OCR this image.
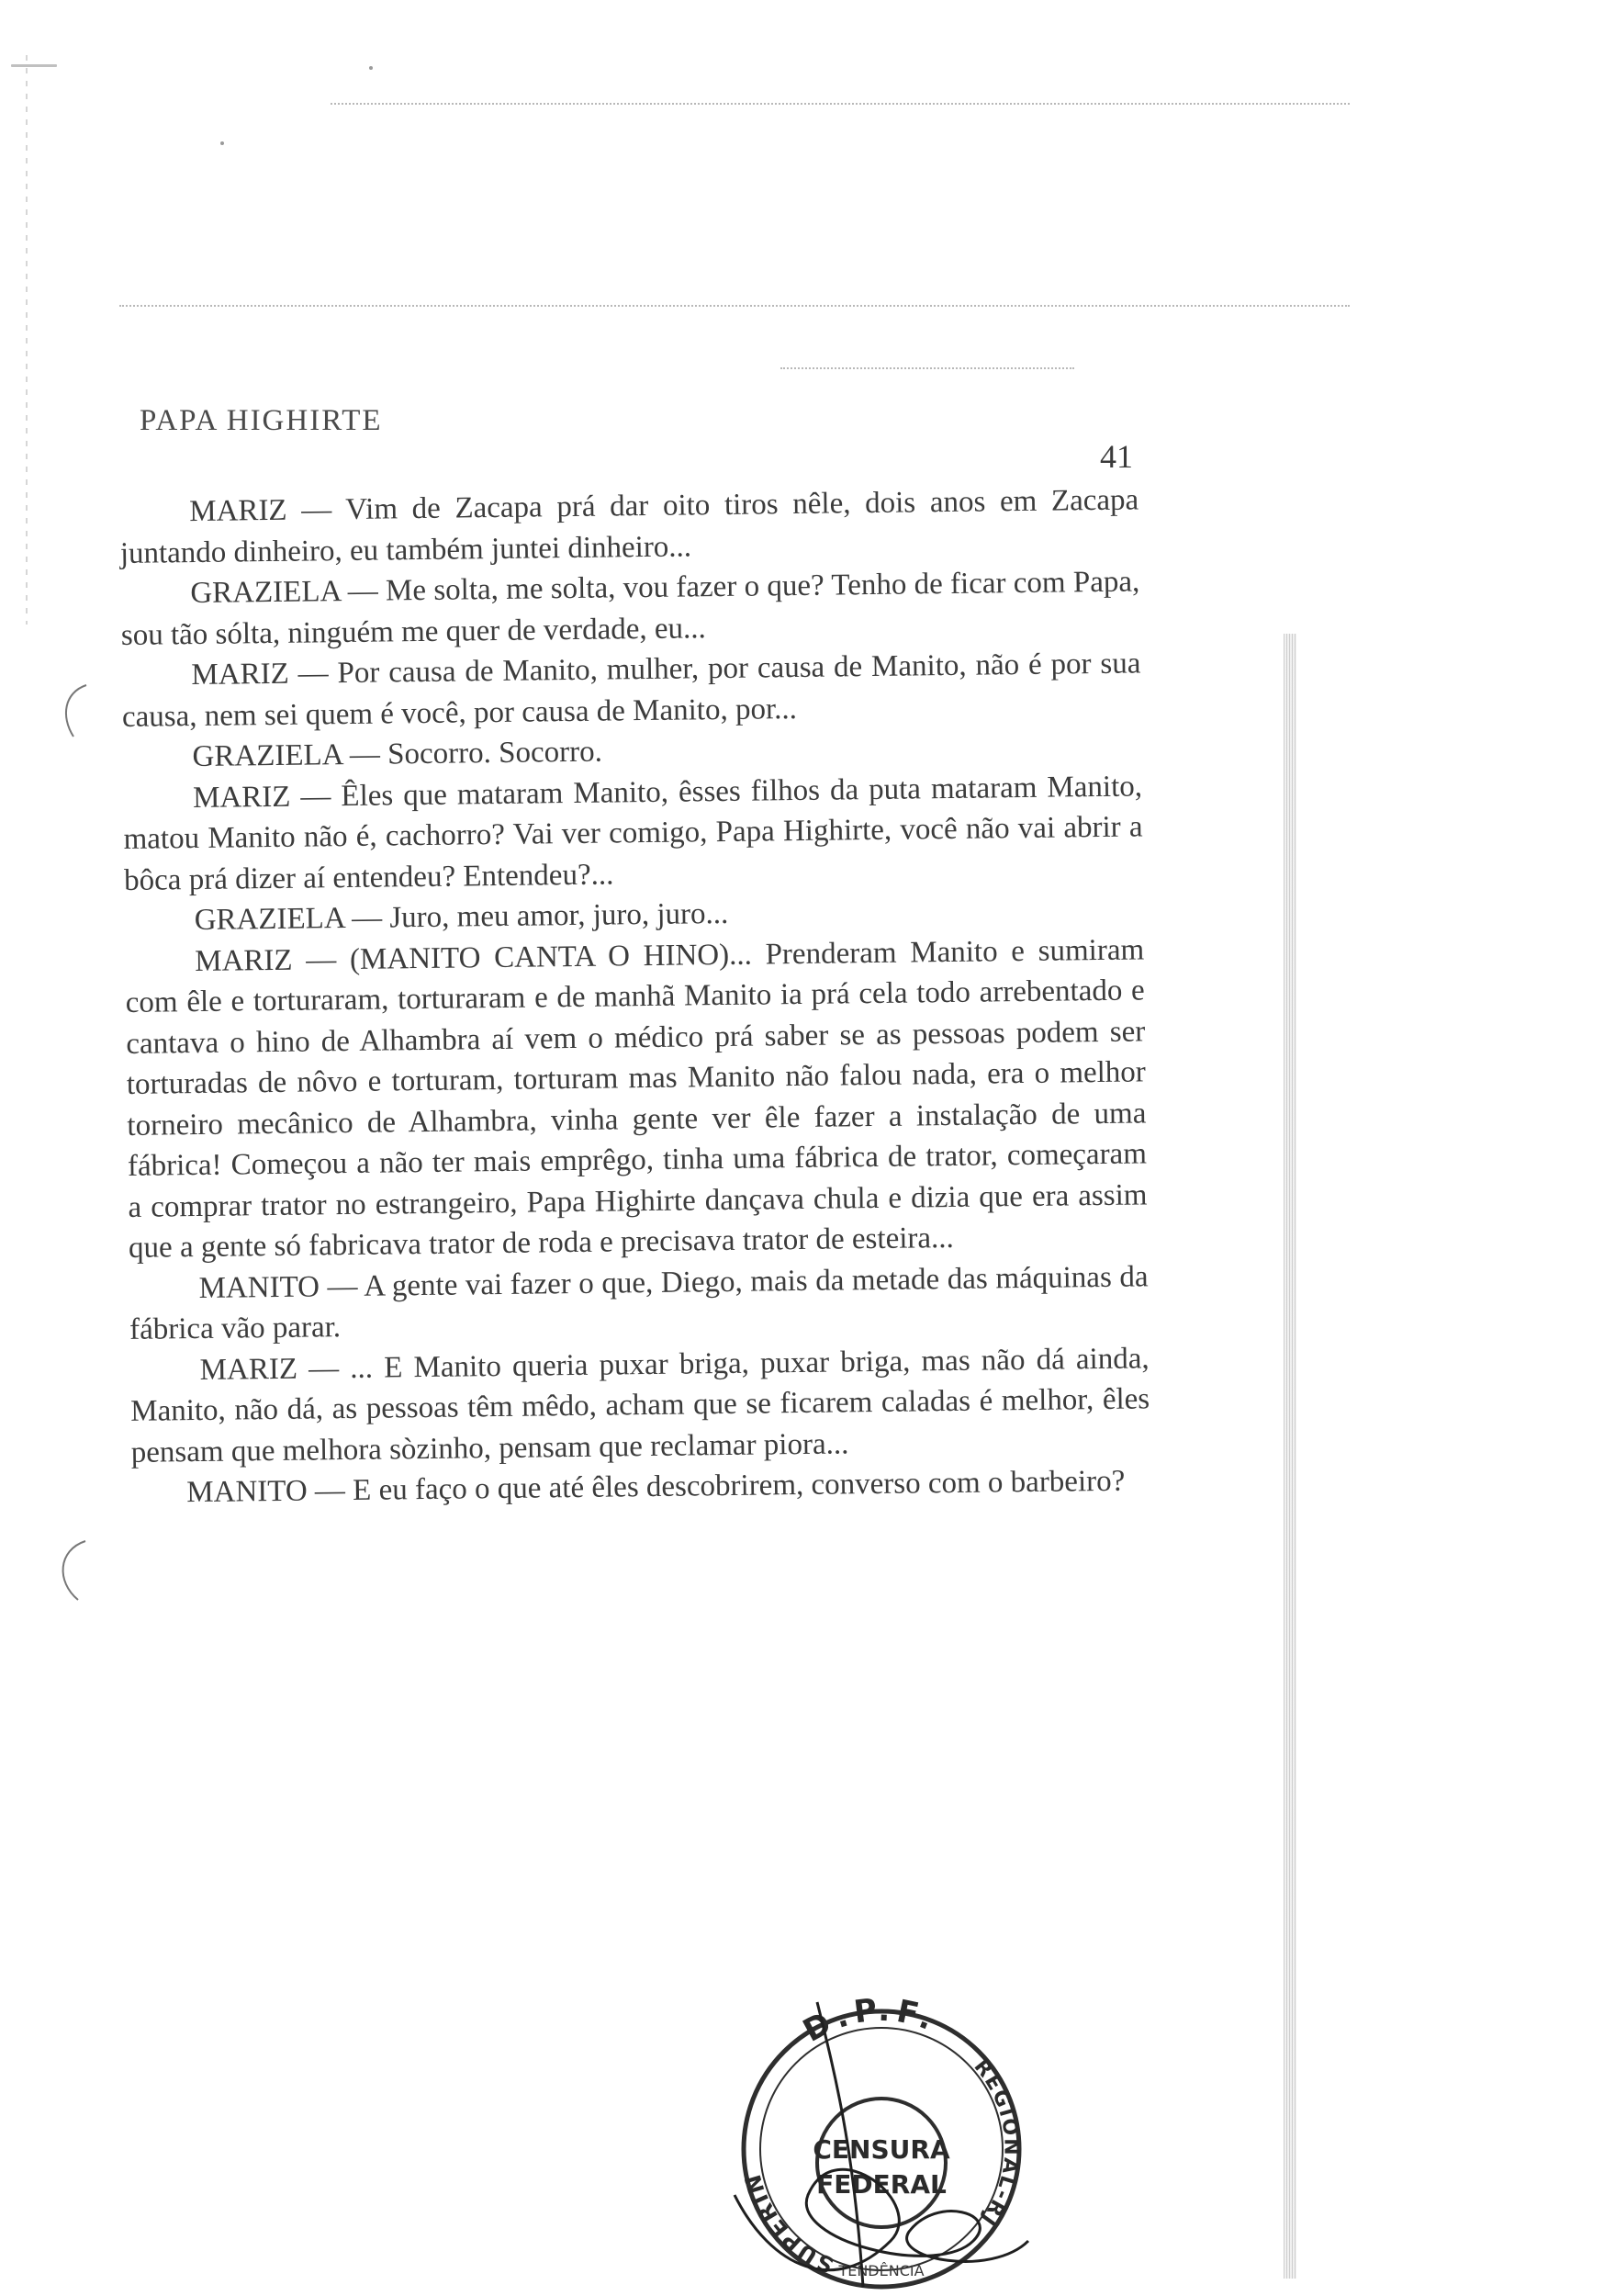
PAPA HIGHIRTE
41

MARIZ — Vim de Zacapa prá dar oito tiros nêle, dois anos em Zacapa juntando dinheiro, eu também juntei dinheiro...

GRAZIELA — Me solta, me solta, vou fazer o que? Tenho de ficar com Papa, sou tão sólta, ninguém me quer de verdade, eu...

MARIZ — Por causa de Manito, mulher, por causa de Manito, não é por sua causa, nem sei quem é você, por causa de Manito, por...

GRAZIELA — Socorro. Socorro.

MARIZ — Êles que mataram Manito, êsses filhos da puta mataram Manito, matou Manito não é, cachorro? Vai ver comigo, Papa Highirte, você não vai abrir a bôca prá dizer aí entendeu? Entendeu?...

GRAZIELA — Juro, meu amor, juro, juro...

MARIZ — (MANITO CANTA O HINO)... Prenderam Manito e sumiram com êle e torturaram, torturaram e de manhã Manito ia prá cela todo arrebentado e cantava o hino de Alhambra aí vem o médico prá saber se as pessoas podem ser torturadas de nôvo e torturam, torturam mas Manito não falou nada, era o melhor torneiro mecânico de Alhambra, vinha gente ver êle fazer a instalação de uma fábrica! Começou a não ter mais emprêgo, tinha uma fábrica de trator, começaram a comprar trator no estrangeiro, Papa Highirte dançava chula e dizia que era assim que a gente só fabricava trator de roda e precisava trator de esteira...

MANITO — A gente vai fazer o que, Diego, mais da metade das máquinas da fábrica vão parar.

MARIZ — ... E Manito queria puxar briga, puxar briga, mas não dá ainda, Manito, não dá, as pessoas têm mêdo, acham que se ficarem caladas é melhor, êles pensam que melhora sòzinho, pensam que reclamar piora...

MANITO — E eu faço o que até êles descobrirem, converso com o barbeiro?

D.P.F.
SUPERIN
REGIONAL-RJ
CENSURA
FEDERAL
TENDÊNCIA
